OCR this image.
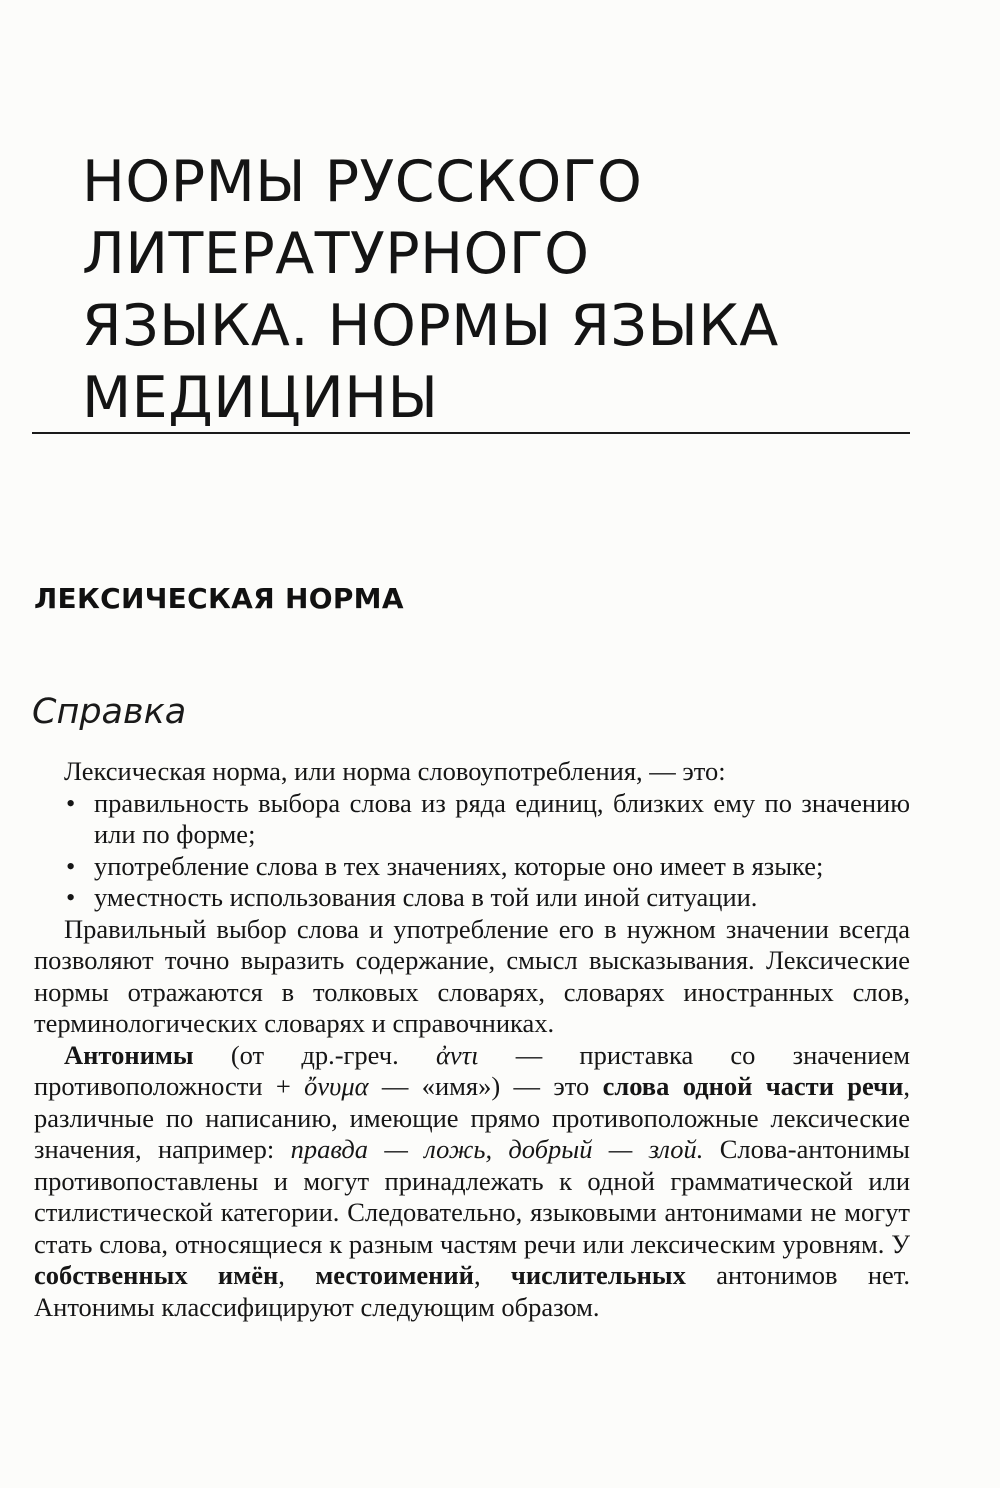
НОРМЫ РУССКОГО
ЛИТЕРАТУРНОГО
ЯЗЫКА. НОРМЫ ЯЗЫКА
МЕДИЦИНЫ
ЛЕКСИЧЕСКАЯ НОРМА
Справка

Лексическая норма, или норма словоупотребления, — это:

• правильность выбора слова из ряда единиц, близких ему по значению или по форме;
• употребление слова в тех значениях, которые оно имеет в языке;
• уместность использования слова в той или иной ситуации.

Правильный выбор слова и употребление его в нужном значении всегда позволяют точно выразить содержание, смысл высказывания. Лексические нормы отражаются в толковых словарях, словарях иностранных слов, терминологических словарях и справочниках.

Антонимы (от др.-греч. ἀντι — приставка со значением противоположности + ὄνυμα — «имя») — это слова одной части речи, различные по написанию, имеющие прямо противоположные лексические значения, например: правда — ложь, добрый — злой. Слова-антонимы противопоставлены и могут принадлежать к одной грамматической или стилистической категории. Следовательно, языковыми антонимами не могут стать слова, относящиеся к разным частям речи или лексическим уровням. У собственных имён, местоимений, числительных антонимов нет. Антонимы классифицируют следующим образом.
